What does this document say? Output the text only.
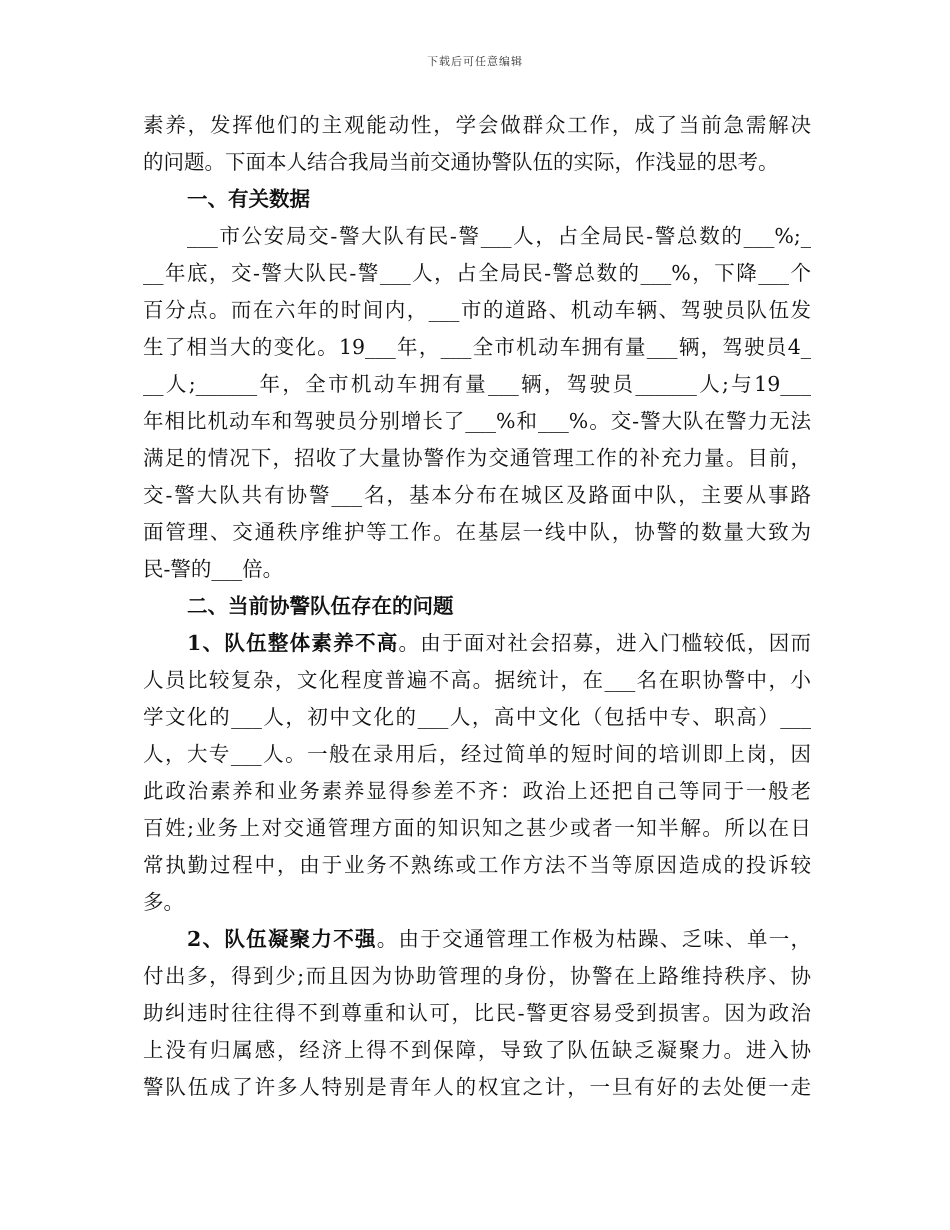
下载后可任意编辑
素养，发挥他们的主观能动性，学会做群众工作，成了当前急需解决
的问题。下面本人结合我局当前交通协警队伍的实际，作浅显的思考。
一、有关数据
___市公安局交-警大队有民-警___人，占全局民-警总数的___%;_
__年底，交-警大队民-警___人，占全局民-警总数的___%，下降___个
百分点。而在六年的时间内，___市的道路、机动车辆、驾驶员队伍发
生了相当大的变化。19___年，___全市机动车拥有量___辆，驾驶员4_
__人;______年，全市机动车拥有量___辆，驾驶员______人;与19___
年相比机动车和驾驶员分别增长了___%和___%。交-警大队在警力无法
满足的情况下，招收了大量协警作为交通管理工作的补充力量。目前，
交-警大队共有协警___名，基本分布在城区及路面中队，主要从事路
面管理、交通秩序维护等工作。在基层一线中队，协警的数量大致为
民-警的___倍。
二、当前协警队伍存在的问题
1、队伍整体素养不高。由于面对社会招募，进入门槛较低，因而
人员比较复杂，文化程度普遍不高。据统计，在___名在职协警中，小
学文化的___人，初中文化的___人，高中文化（包括中专、职高）___
人，大专___人。一般在录用后，经过简单的短时间的培训即上岗，因
此政治素养和业务素养显得参差不齐：政治上还把自己等同于一般老
百姓;业务上对交通管理方面的知识知之甚少或者一知半解。所以在日
常执勤过程中，由于业务不熟练或工作方法不当等原因造成的投诉较
多。
2、队伍凝聚力不强。由于交通管理工作极为枯躁、乏味、单一，
付出多，得到少;而且因为协助管理的身份，协警在上路维持秩序、协
助纠违时往往得不到尊重和认可，比民-警更容易受到损害。因为政治
上没有归属感，经济上得不到保障，导致了队伍缺乏凝聚力。进入协
警队伍成了许多人特别是青年人的权宜之计，一旦有好的去处便一走
